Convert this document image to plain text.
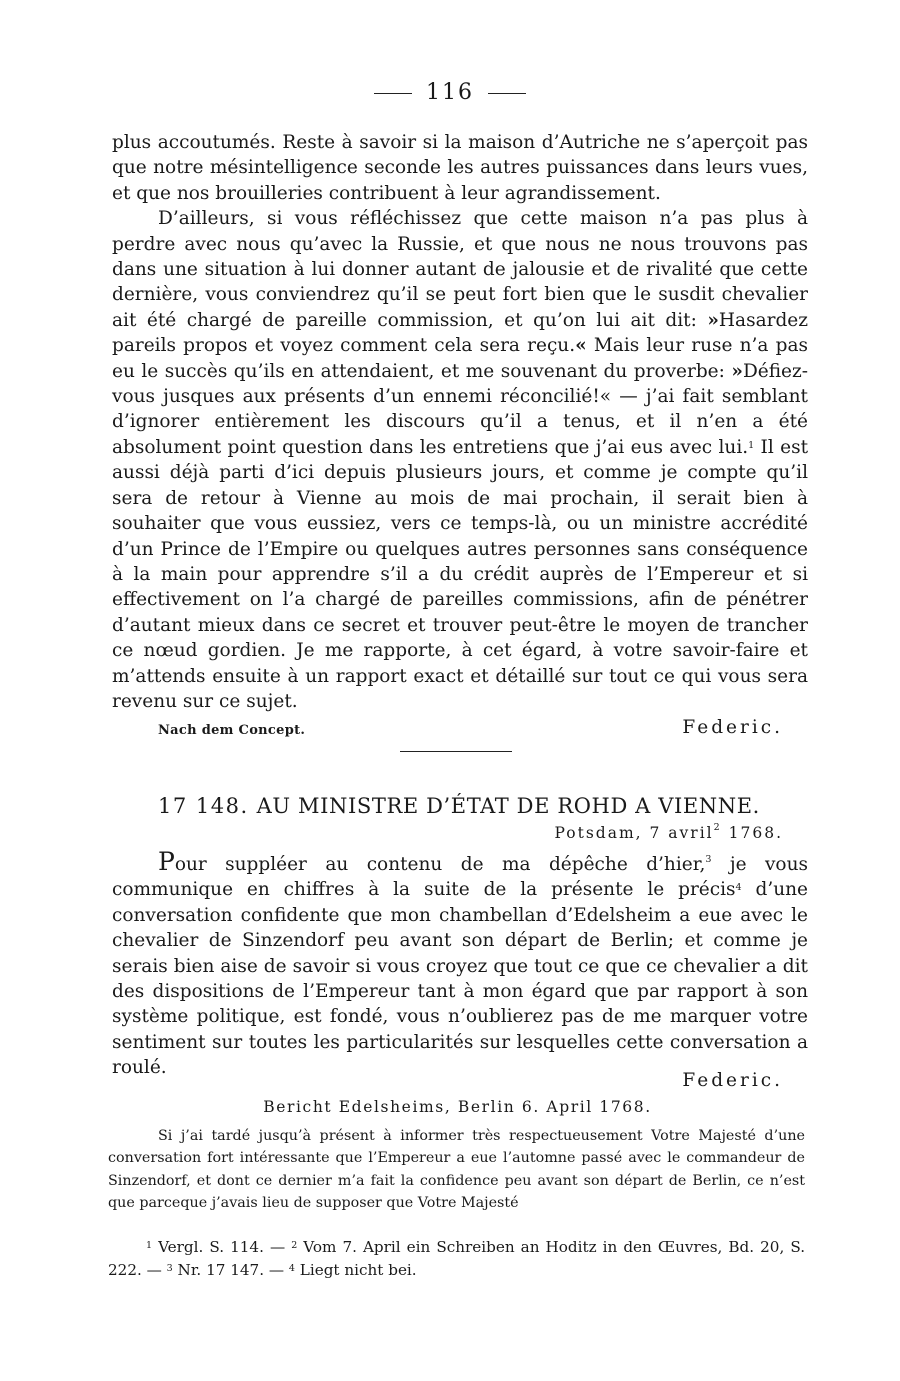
116

plus accoutumés. Reste à savoir si la maison d’Autriche ne s’aperçoit pas que notre mésintelligence seconde les autres puissances dans leurs vues, et que nos brouilleries contribuent à leur agrandissement.

D’ailleurs, si vous réfléchissez que cette maison n’a pas plus à perdre avec nous qu’avec la Russie, et que nous ne nous trouvons pas dans une situation à lui donner autant de jalousie et de rivalité que cette dernière, vous conviendrez qu’il se peut fort bien que le susdit chevalier ait été chargé de pareille commission, et qu’on lui ait dit: »Hasardez pareils propos et voyez comment cela sera reçu.« Mais leur ruse n’a pas eu le succès qu’ils en attendaient, et me souvenant du proverbe: »Défiez-vous jusques aux présents d’un ennemi réconcilié!« — j’ai fait semblant d’ignorer entièrement les discours qu’il a tenus, et il n’en a été absolument point question dans les entretiens que j’ai eus avec lui.$^1$ Il est aussi déjà parti d’ici depuis plusieurs jours, et comme je compte qu’il sera de retour à Vienne au mois de mai prochain, il serait bien à souhaiter que vous eussiez, vers ce temps-là, ou un ministre accrédité d’un Prince de l’Empire ou quelques autres personnes sans conséquence à la main pour apprendre s’il a du crédit auprès de l’Empereur et si effectivement on l’a chargé de pareilles commissions, afin de pénétrer d’autant mieux dans ce secret et trouver peut-être le moyen de trancher ce nœud gordien. Je me rapporte, à cet égard, à votre savoir-faire et m’attends ensuite à un rapport exact et détaillé sur tout ce qui vous sera revenu sur ce sujet.

Nach dem Concept.	Federic.
17 148. AU MINISTRE D’ÉTAT DE ROHD A VIENNE.
Potsdam, 7 avril$^2$ 1768.

Pour suppléer au contenu de ma dépêche d’hier,$^3$ je vous communique en chiffres à la suite de la présente le précis$^4$ d’une conversation confidente que mon chambellan d’Edelsheim a eue avec le chevalier de Sinzendorf peu avant son départ de Berlin; et comme je serais bien aise de savoir si vous croyez que tout ce que ce chevalier a dit des dispositions de l’Empereur tant à mon égard que par rapport à son système politique, est fondé, vous n’oublierez pas de me marquer votre sentiment sur toutes les particularités sur lesquelles cette conversation a roulé.

Federic.
Bericht Edelsheims, Berlin 6. April 1768.

Si j’ai tardé jusqu’à présent à informer très respectueusement Votre Majesté d’une conversation fort intéressante que l’Empereur a eue l’automne passé avec le commandeur de Sinzendorf, et dont ce dernier m’a fait la confidence peu avant son départ de Berlin, ce n’est que parceque j’avais lieu de supposer que Votre Majesté

$^1$ Vergl. S. 114. — $^2$ Vom 7. April ein Schreiben an Hoditz in den Œuvres, Bd. 20, S. 222. — $^3$ Nr. 17 147. — $^4$ Liegt nicht bei.
